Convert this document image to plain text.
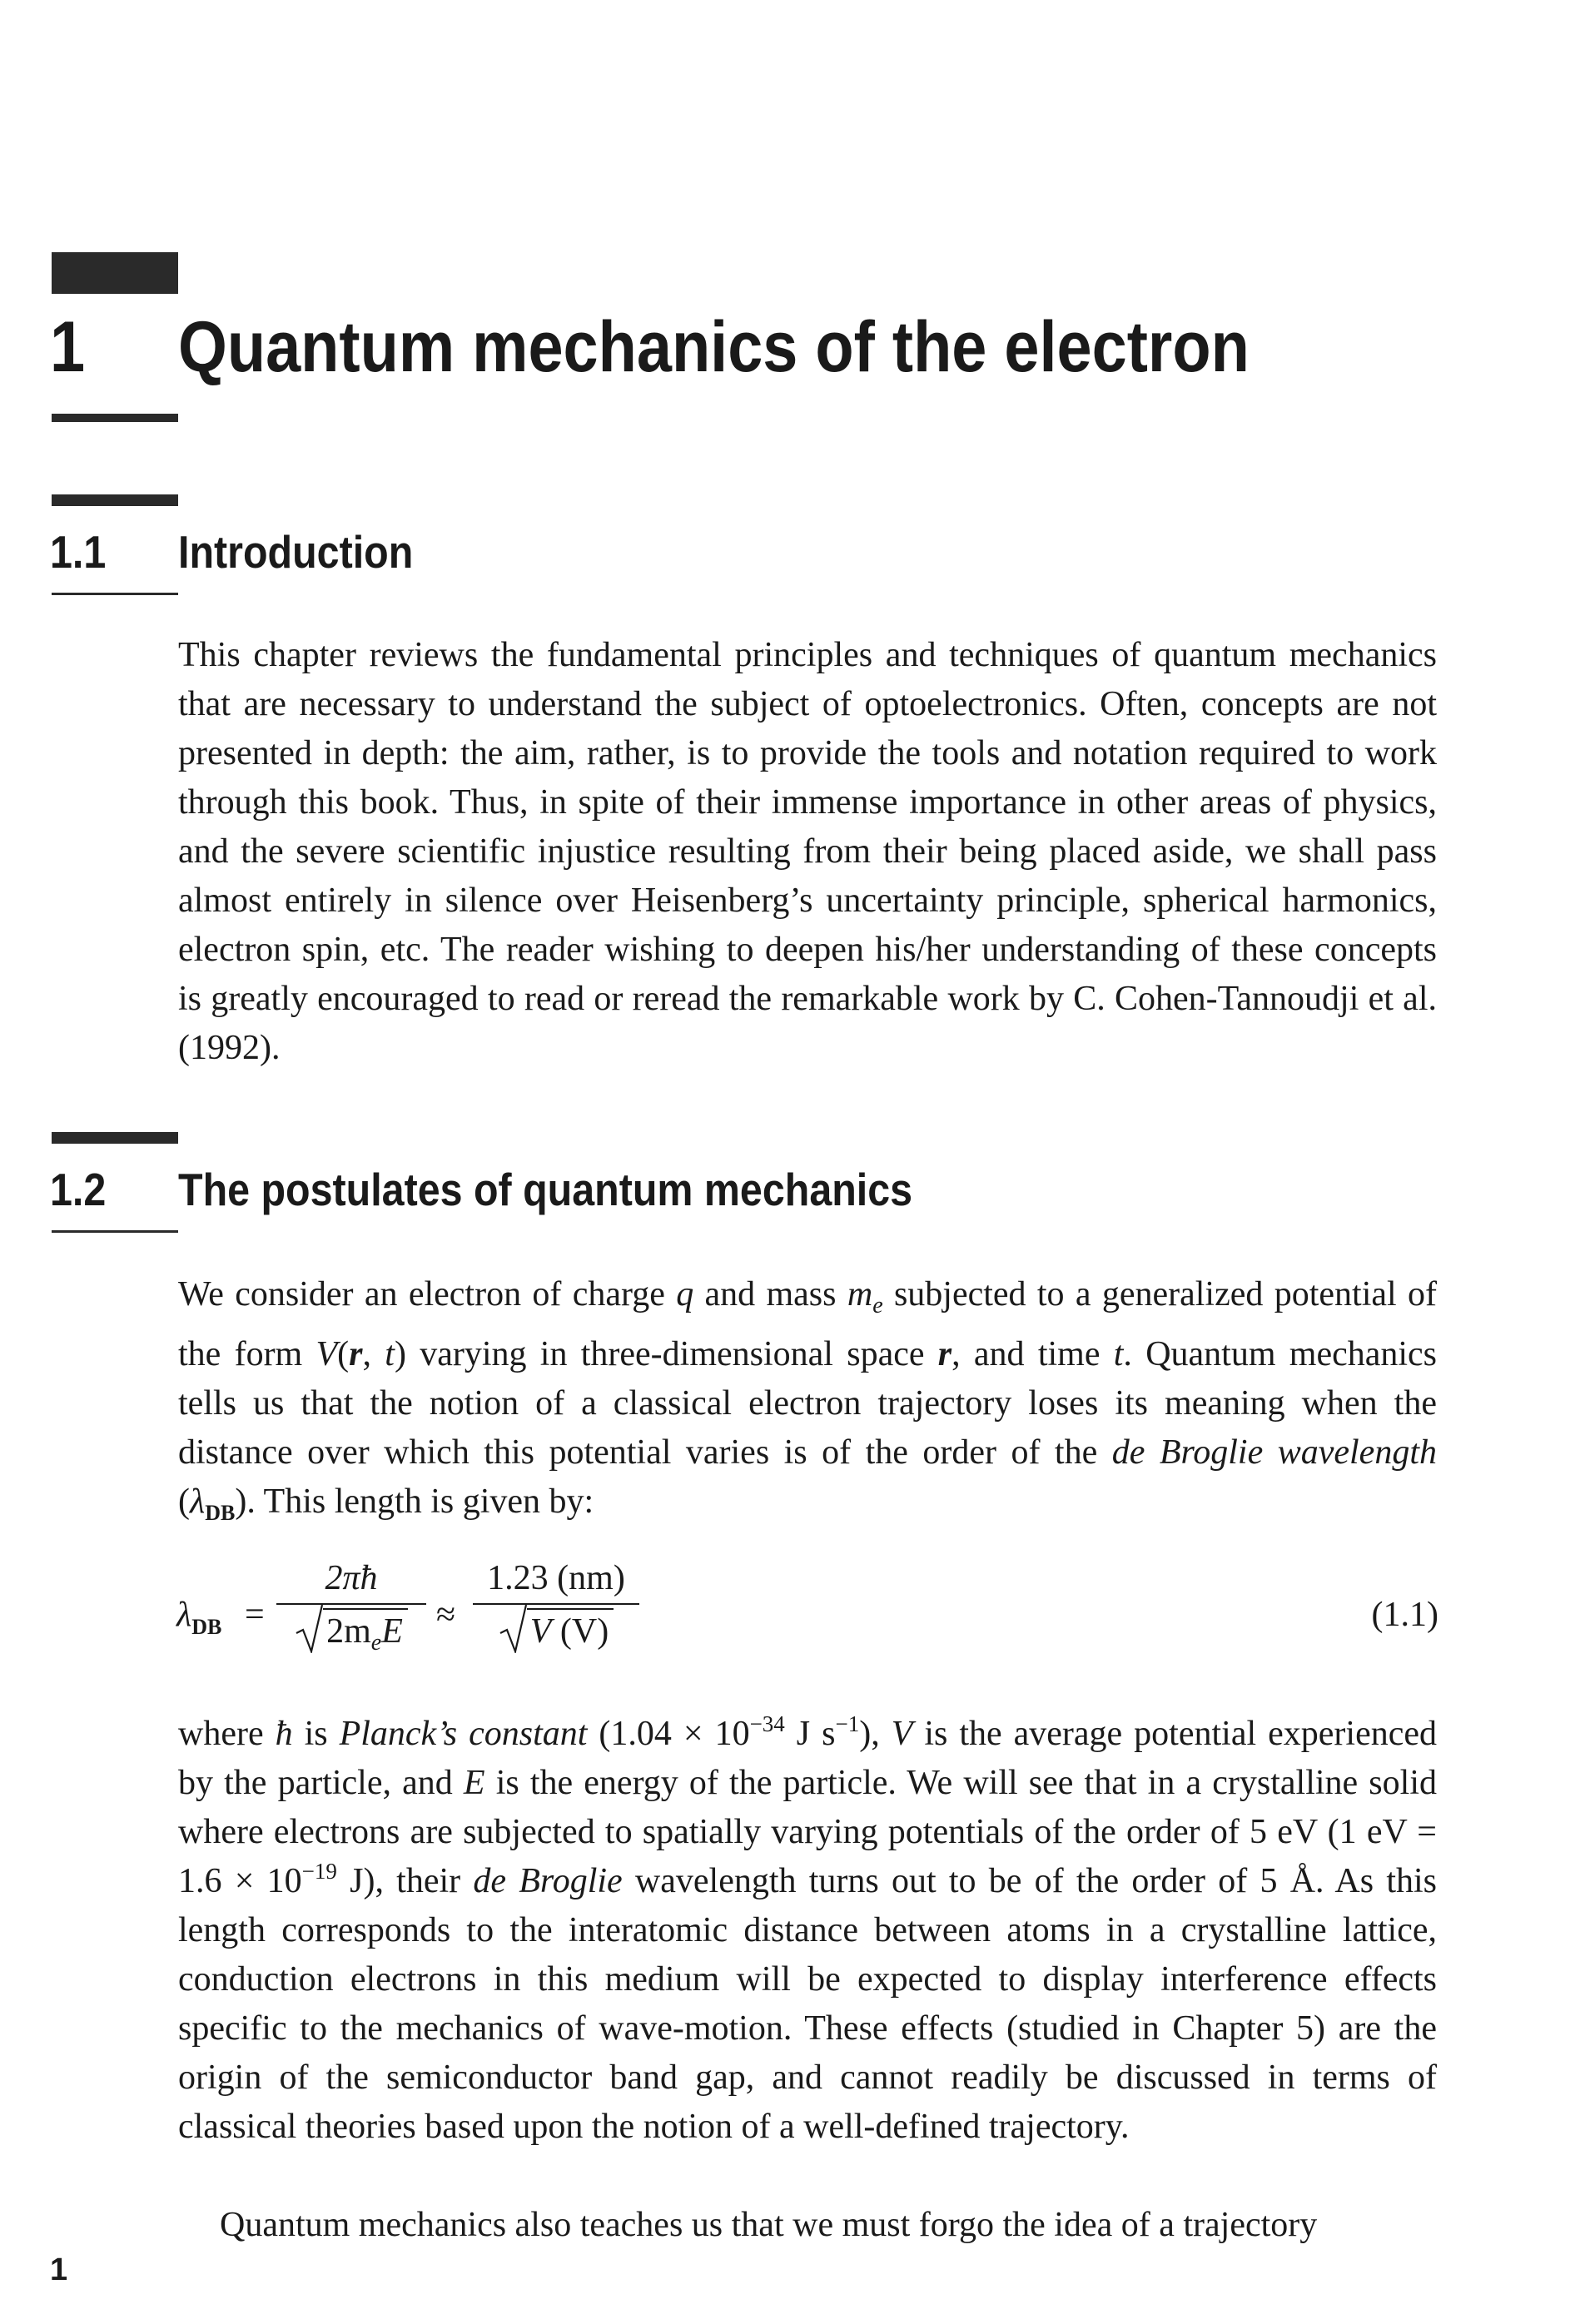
1 Quantum mechanics of the electron
1.1 Introduction

This chapter reviews the fundamental principles and techniques of quantum mechanics that are necessary to understand the subject of optoelectronics. Often, concepts are not presented in depth: the aim, rather, is to provide the tools and notation required to work through this book. Thus, in spite of their immense importance in other areas of physics, and the severe scientific injustice resulting from their being placed aside, we shall pass almost entirely in silence over Heisenberg’s uncertainty principle, spherical harmonics, electron spin, etc. The reader wishing to deepen his/her understanding of these concepts is greatly encouraged to read or reread the remarkable work by C. Cohen-Tannoudji et al. (1992).

1.2 The postulates of quantum mechanics

We consider an electron of charge q and mass $m_e$ subjected to a generalized potential of the form V(r, t) varying in three-dimensional space r, and time t. Quantum mechanics tells us that the notion of a classical electron trajectory loses its meaning when the distance over which this potential varies is of the order of the de Broglie wavelength $(\lambda_{DB})$. This length is given by:

$\lambda_{DB}$ =
2πħ
$2m_eE$ ≈
1.23 (nm)
V (V)	(1.1)

where ħ is Planck’s constant ($1.04 \times 10^{-34}$ J $s^{-1}$), V is the average potential experienced by the particle, and E is the energy of the particle. We will see that in a crystalline solid where electrons are subjected to spatially varying potentials of the order of 5 eV (1 eV = $1.6 \times 10^{-19}$ J), their de Broglie wavelength turns out to be of the order of 5 Å. As this length corresponds to the interatomic distance between atoms in a crystalline lattice, conduction electrons in this medium will be expected to display interference effects specific to the mechanics of wave-motion. These effects (studied in Chapter 5) are the origin of the semiconductor band gap, and cannot readily be discussed in terms of classical theories based upon the notion of a well-defined trajectory.

Quantum mechanics also teaches us that we must forgo the idea of a trajectory

1
